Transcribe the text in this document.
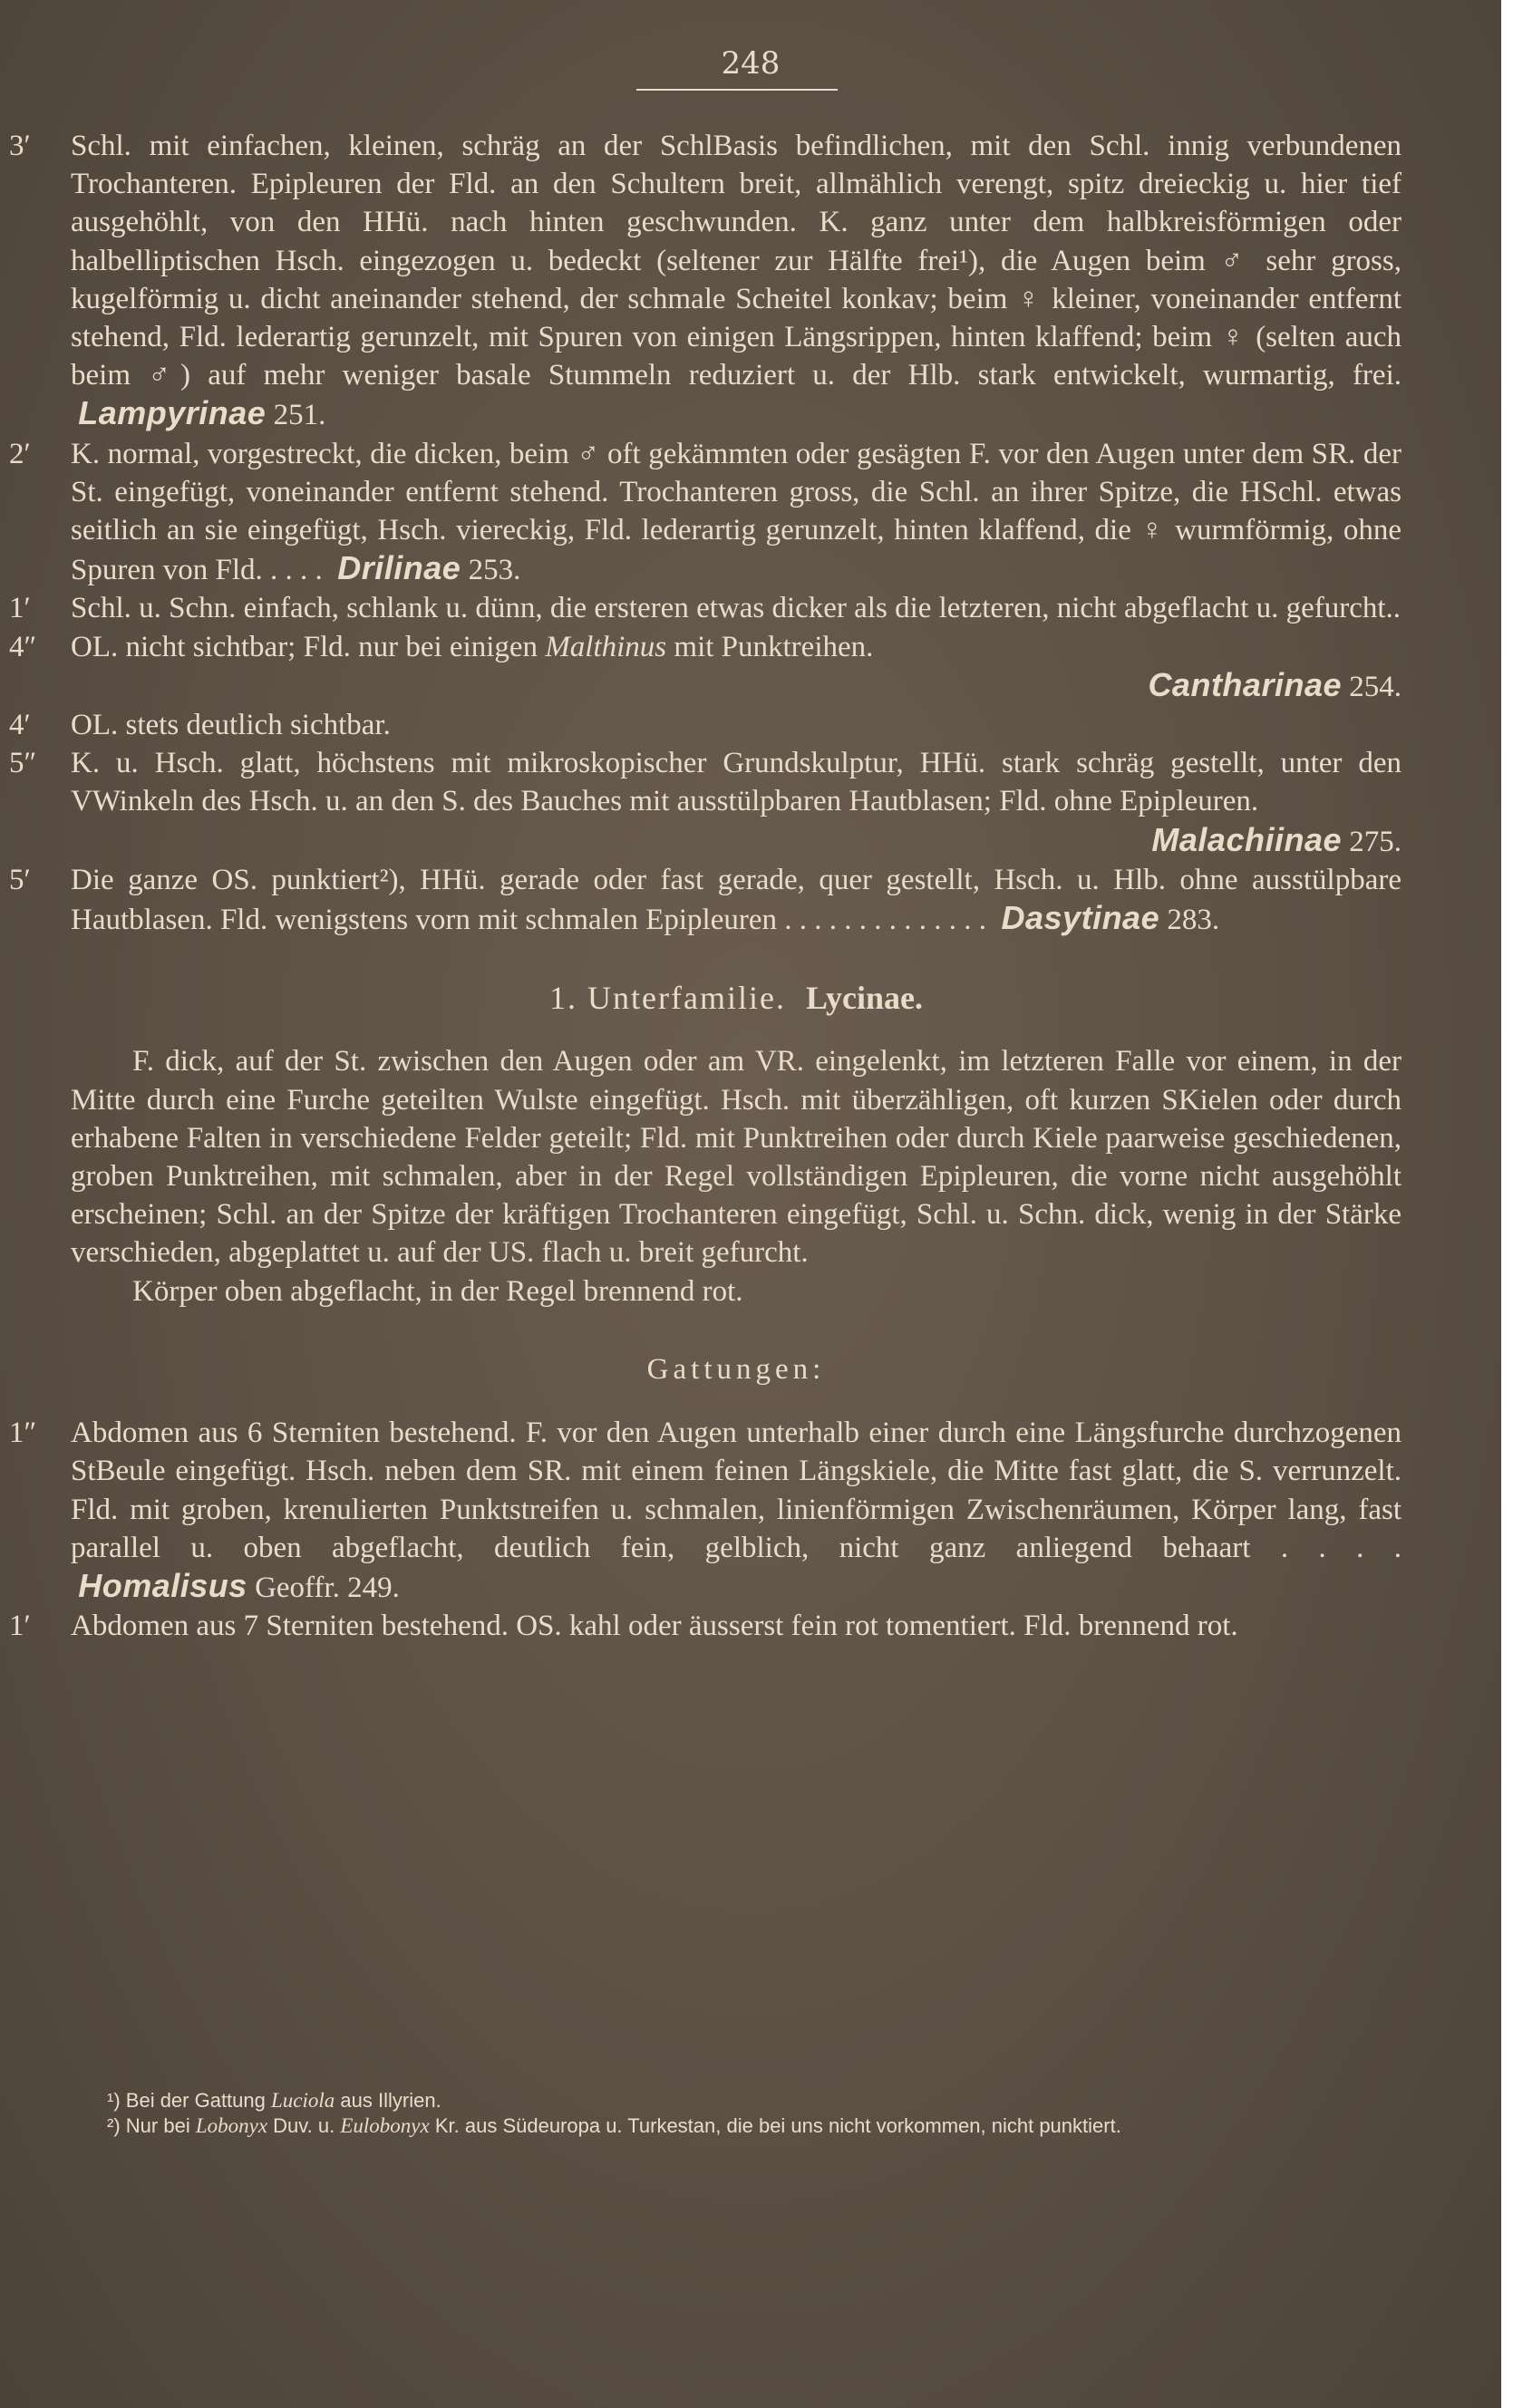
248
3′	Schl. mit einfachen, kleinen, schräg an der SchlBasis befindlichen, mit den Schl. innig verbundenen Trochanteren. Epipleuren der Fld. an den Schultern breit, allmählich verengt, spitz dreieckig u. hier tief ausgehöhlt, von den HHü. nach hinten geschwunden. K. ganz unter dem halbkreisförmigen oder halbelliptischen Hsch. eingezogen u. bedeckt (seltener zur Hälfte frei¹), die Augen beim ♂ sehr gross, kugelförmig u. dicht aneinander stehend, der schmale Scheitel konkav; beim ♀ kleiner, voneinander entfernt stehend, Fld. lederartig gerunzelt, mit Spuren von einigen Längsrippen, hinten klaffend; beim ♀ (selten auch beim ♂) auf mehr weniger basale Stummeln reduziert u. der Hlb. stark entwickelt, wurmartig, frei.  Lampyrinae 251.
2′	K. normal, vorgestreckt, die dicken, beim ♂ oft gekämmten oder gesägten F. vor den Augen unter dem SR. der St. eingefügt, voneinander entfernt stehend. Trochanteren gross, die Schl. an ihrer Spitze, die HSchl. etwas seitlich an sie eingefügt, Hsch. viereckig, Fld. lederartig gerunzelt, hinten klaffend, die ♀ wurmförmig, ohne Spuren von Fld. . . . . Drilinae 253.
1′	Schl. u. Schn. einfach, schlank u. dünn, die ersteren etwas dicker als die letzteren, nicht abgeflacht u. gefurcht..
4″	OL. nicht sichtbar; Fld. nur bei einigen Malthinus mit Punktreihen.
Cantharinae 254.
4′	OL. stets deutlich sichtbar.
5″	K. u. Hsch. glatt, höchstens mit mikroskopischer Grundskulptur, HHü. stark schräg gestellt, unter den VWinkeln des Hsch. u. an den S. des Bauches mit ausstülpbaren Hautblasen; Fld. ohne Epipleuren.
Malachiinae 275.
5′	Die ganze OS. punktiert²), HHü. gerade oder fast gerade, quer gestellt, Hsch. u. Hlb. ohne ausstülpbare Hautblasen. Fld. wenigstens vorn mit schmalen Epipleuren . . . . . . . . . . . . . . Dasytinae 283.
1. Unterfamilie. Lycinae.
F. dick, auf der St. zwischen den Augen oder am VR. eingelenkt, im letzteren Falle vor einem, in der Mitte durch eine Furche geteilten Wulste eingefügt. Hsch. mit überzähligen, oft kurzen SKielen oder durch erhabene Falten in verschiedene Felder geteilt; Fld. mit Punktreihen oder durch Kiele paarweise geschiedenen, groben Punktreihen, mit schmalen, aber in der Regel vollständigen Epipleuren, die vorne nicht ausgehöhlt erscheinen; Schl. an der Spitze der kräftigen Trochanteren eingefügt, Schl. u. Schn. dick, wenig in der Stärke verschieden, abgeplattet u. auf der US. flach u. breit gefurcht.
Körper oben abgeflacht, in der Regel brennend rot.
Gattungen:
1″	Abdomen aus 6 Sterniten bestehend. F. vor den Augen unterhalb einer durch eine Längsfurche durchzogenen StBeule eingefügt. Hsch. neben dem SR. mit einem feinen Längskiele, die Mitte fast glatt, die S. verrunzelt. Fld. mit groben, krenulierten Punktstreifen u. schmalen, linienförmigen Zwischenräumen, Körper lang, fast parallel u. oben abgeflacht, deutlich fein, gelblich, nicht ganz anliegend behaart . . . .  Homalisus Geoffr. 249.
1′	Abdomen aus 7 Sterniten bestehend. OS. kahl oder äusserst fein rot tomentiert. Fld. brennend rot.
¹) Bei der Gattung Luciola aus Illyrien.
²) Nur bei Lobonyx Duv. u. Eulobonyx Kr. aus Südeuropa u. Turkestan, die bei uns nicht vorkommen, nicht punktiert.
